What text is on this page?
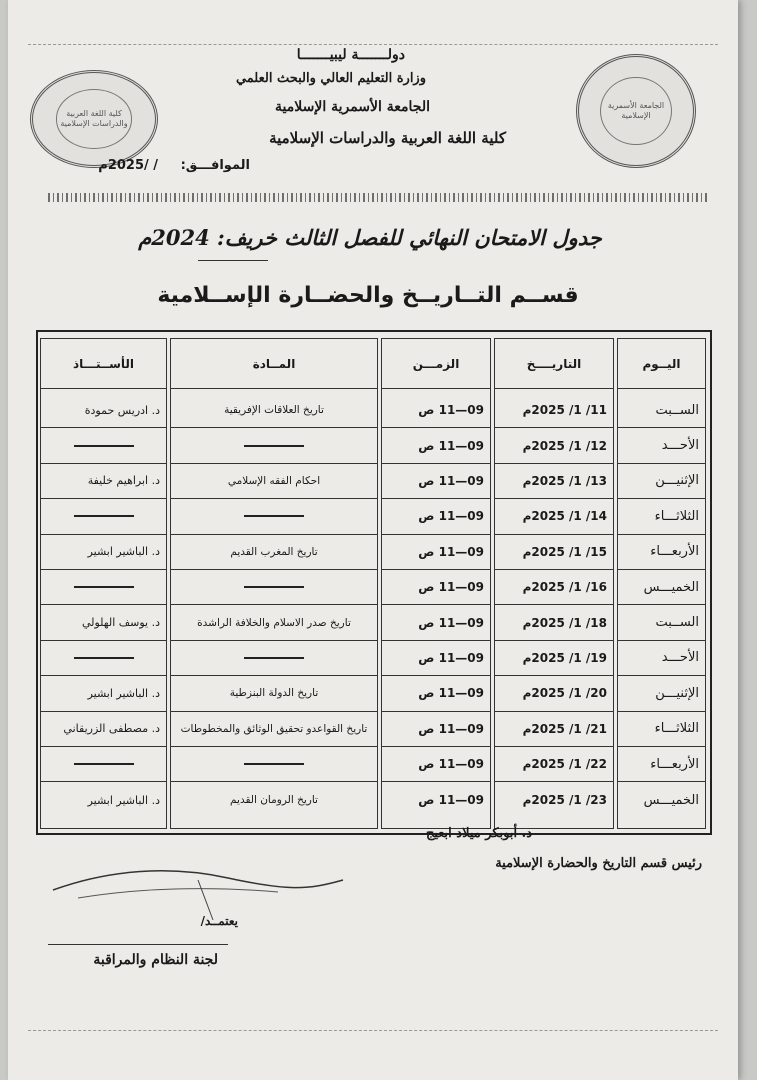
كلية اللغة العربية والدراسات الإسلامية
الجامعة الأسمرية الإسلامية
دولـــــــة ليبيـــــــا
وزارة التعليم العالي والبحث العلمي
الجامعة الأسمرية الإسلامية
كلية اللغة العربية والدراسات الإسلامية
الموافـــق: / /2025م
جدول الامتحان النهائي للفصل الثالث خريف: 2024م
قســم التــاريــخ والحضــارة الإســلامية
اليــوم
الســبت
الأحـــد
الإثنيـــن
الثلاثـــاء
الأربعـــاء
الخميـــس
الســبت
الأحـــد
الإثنيـــن
الثلاثـــاء
الأربعـــاء
الخميـــس
التاريــــخ
11/ 1/ 2025م
12/ 1/ 2025م
13/ 1/ 2025م
14/ 1/ 2025م
15/ 1/ 2025م
16/ 1/ 2025م
18/ 1/ 2025م
19/ 1/ 2025م
20/ 1/ 2025م
21/ 1/ 2025م
22/ 1/ 2025م
23/ 1/ 2025م
الزمـــن
09—11 ص
09—11 ص
09—11 ص
09—11 ص
09—11 ص
09—11 ص
09—11 ص
09—11 ص
09—11 ص
09—11 ص
09—11 ص
09—11 ص
المــادة
تاريخ العلاقات الإفريقية
احكام الفقه الإسلامي
تاريخ المغرب القديم
تاريخ صدر الاسلام والخلافة الراشدة
تاريخ الدولة البنزطية
تاريخ القواعدو تحقيق الوثائق والمخطوطات
تاريخ الرومان القديم
الأســتـــاذ
د. ادريس حمودة
د. ابراهيم خليفة
د. الباشير ابشير
د. يوسف الهلولي
د. الباشير ابشير
د. مصطفى الزريقاني
د. الباشير ابشير
د. أبوبكر ميلاد ابعيج
رئيس قسم التاريخ والحضارة الإسلامية
يعتمــد/
لجنة النظام والمراقبة
